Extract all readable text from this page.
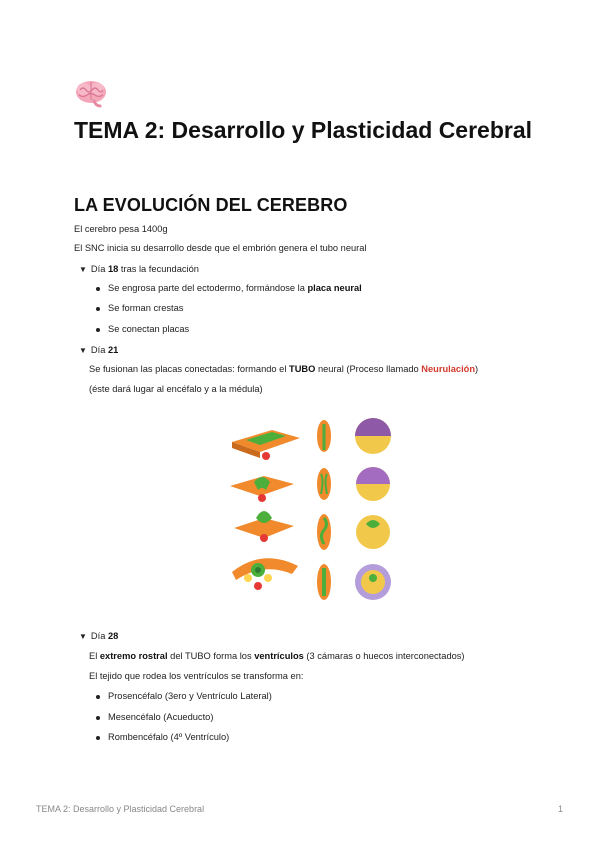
TEMA 2: Desarrollo y Plasticidad Cerebral
LA EVOLUCIÓN DEL CEREBRO
El cerebro pesa 1400g
El SNC inicia su desarrollo desde que el embrión genera el tubo neural
▼ Día 18 tras la fecundación
Se engrosa parte del ectodermo, formándose la placa neural
Se forman crestas
Se conectan placas
▼ Día 21
Se fusionan las placas conectadas: formando el TUBO neural (Proceso llamado Neurulación)
(éste dará lugar al encéfalo y a la médula)
▼ Día 28
El extremo rostral del TUBO forma los ventrículos (3 cámaras o huecos interconectados)
El tejido que rodea los ventrículos se transforma en:
Prosencéfalo (3ero y Ventrículo Lateral)
Mesencéfalo (Acueducto)
Rombencéfalo (4º Ventrículo)
TEMA 2: Desarrollo y Plasticidad Cerebral	1
